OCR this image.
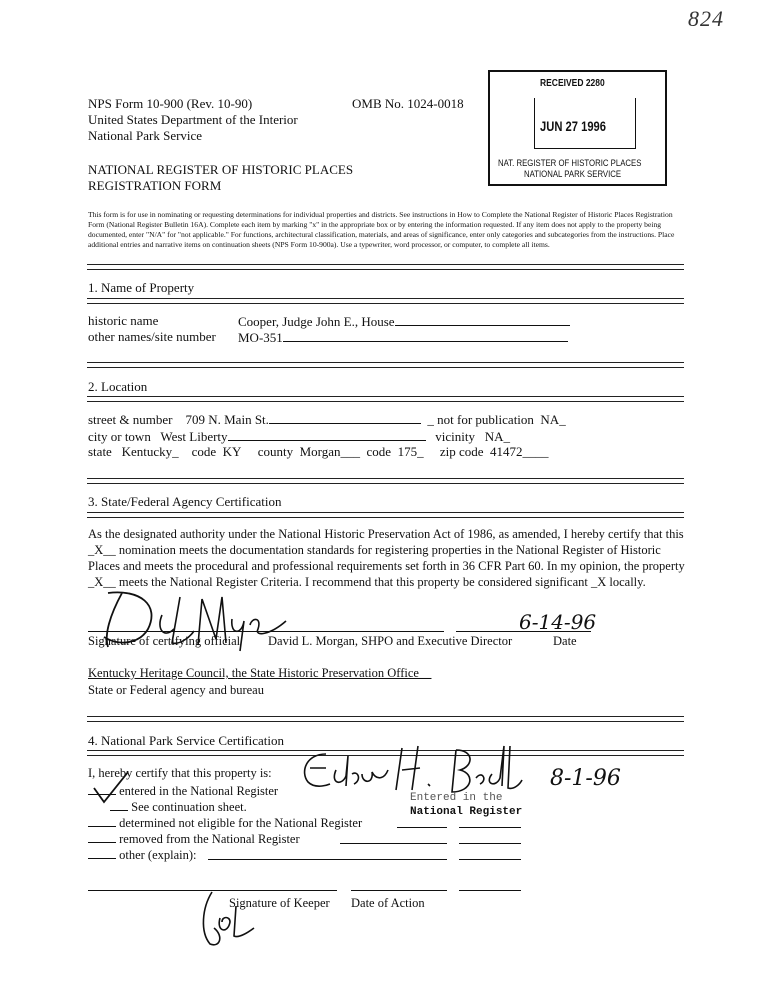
824
NPS Form 10-900 (Rev. 10-90)	OMB No. 1024-0018
United States Department of the Interior
National Park Service
NATIONAL REGISTER OF HISTORIC PLACES
REGISTRATION FORM
RECEIVED 2280
JUN 27 1996
NAT. REGISTER OF HISTORIC PLACES
NATIONAL PARK SERVICE
This form is for use in nominating or requesting determinations for individual properties and districts. See instructions in How to Complete the National Register of Historic Places Registration Form (National Register Bulletin 16A). Complete each item by marking "x" in the appropriate box or by entering the information requested. If any item does not apply to the property being documented, enter "N/A" for "not applicable." For functions, architectural classification, materials, and areas of significance, enter only categories and subcategories from the instructions. Place additional entries and narrative items on continuation sheets (NPS Form 10-900a). Use a typewriter, word processor, or computer, to complete all items.
1. Name of Property
historic name	Cooper, Judge John E., House
other names/site number MO-351
2. Location
street & number 709 N. Main St.	_ not for publication NA_
city or town West Liberty	vicinity NA_
state Kentucky_ code KY county Morgan___ code 175_ zip code 41472____
3. State/Federal Agency Certification
As the designated authority under the National Historic Preservation Act of 1986, as amended, I hereby certify that this
_X__ nomination meets the documentation standards for registering properties in the National Register of Historic
Places and meets the procedural and professional requirements set forth in 36 CFR Part 60. In my opinion, the property
_X__ meets the National Register Criteria. I recommend that this property be considered significant _X locally.
6-14-96
Signature of certifying official David L. Morgan, SHPO and Executive Director	Date
Kentucky Heritage Council, the State Historic Preservation Office__
State or Federal agency and bureau
4. National Park Service Certification
I, hereby certify that this property is:
entered in the National Register
See continuation sheet.
determined not eligible for the National Register
removed from the National Register
other (explain):
Entered in the
National Register
8-1-96
Signature of Keeper Date of Action
